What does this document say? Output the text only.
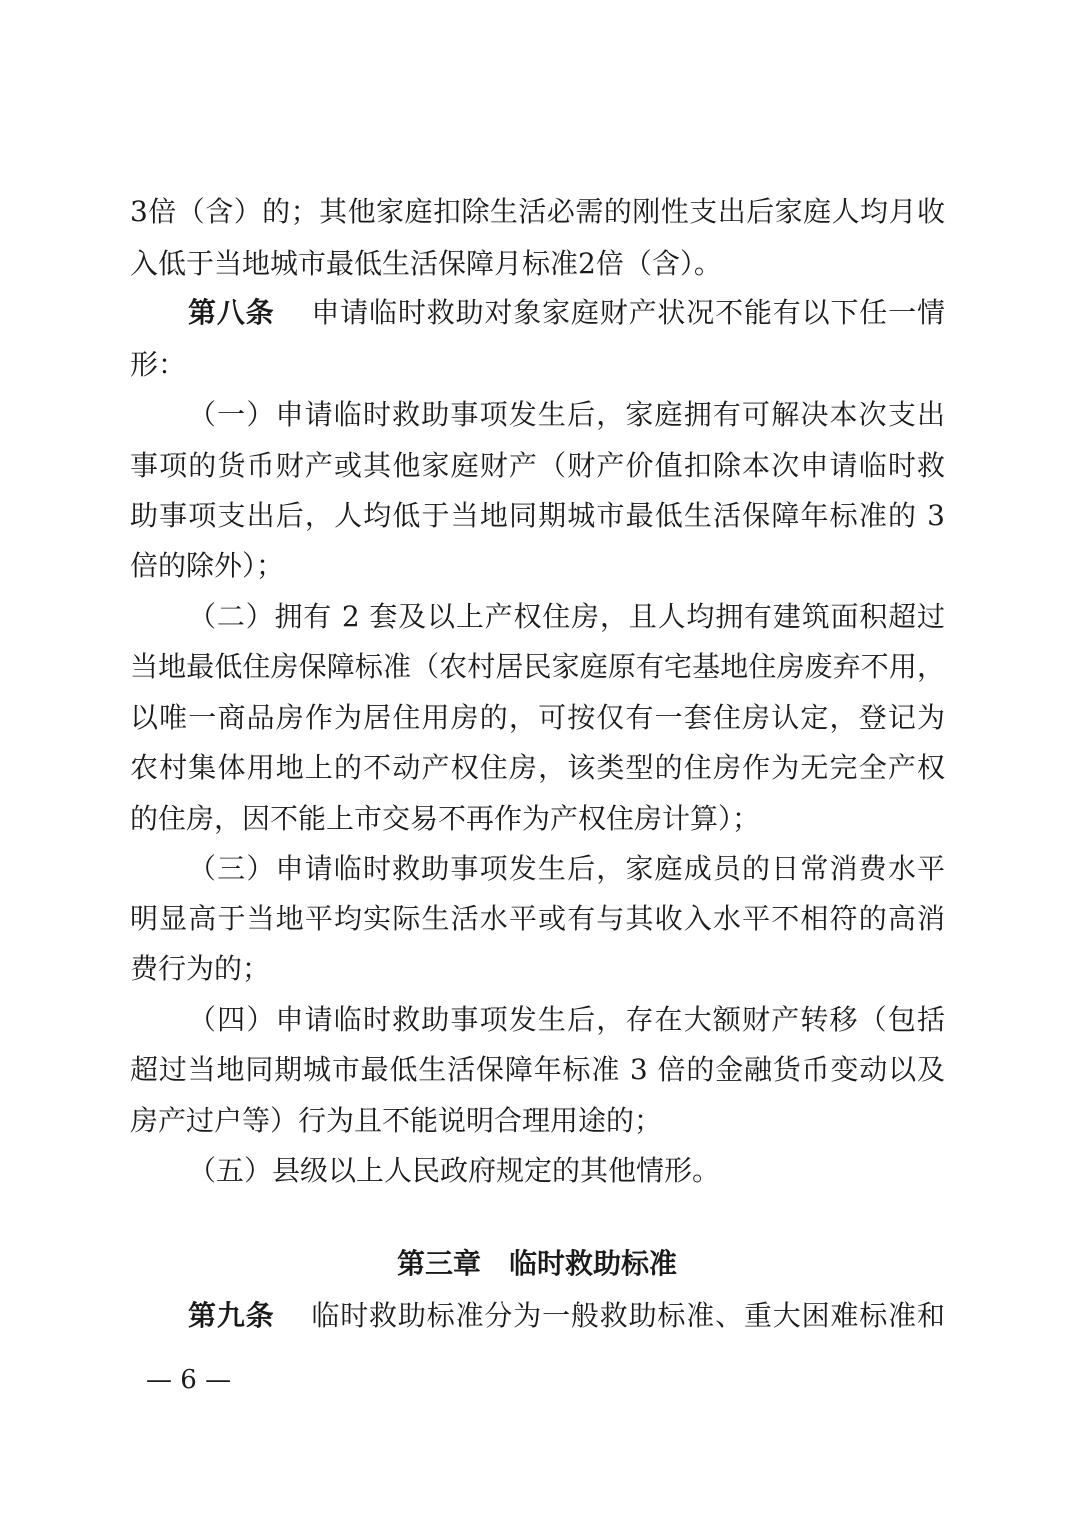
3倍（含）的；其他家庭扣除生活必需的刚性支出后家庭人均月收
入低于当地城市最低生活保障月标准2倍（含）。
第八条 申请临时救助对象家庭财产状况不能有以下任一情
形：
（一）申请临时救助事项发生后，家庭拥有可解决本次支出
事项的货币财产或其他家庭财产（财产价值扣除本次申请临时救
助事项支出后，人均低于当地同期城市最低生活保障年标准的 3
倍的除外）；
（二）拥有 2 套及以上产权住房，且人均拥有建筑面积超过
当地最低住房保障标准（农村居民家庭原有宅基地住房废弃不用，
以唯一商品房作为居住用房的，可按仅有一套住房认定，登记为
农村集体用地上的不动产权住房，该类型的住房作为无完全产权
的住房，因不能上市交易不再作为产权住房计算）；
（三）申请临时救助事项发生后，家庭成员的日常消费水平
明显高于当地平均实际生活水平或有与其收入水平不相符的高消
费行为的；
（四）申请临时救助事项发生后，存在大额财产转移（包括
超过当地同期城市最低生活保障年标准 3 倍的金融货币变动以及
房产过户等）行为且不能说明合理用途的；
（五）县级以上人民政府规定的其他情形。
第三章　临时救助标准
第九条 临时救助标准分为一般救助标准、重大困难标准和
— 6 —
